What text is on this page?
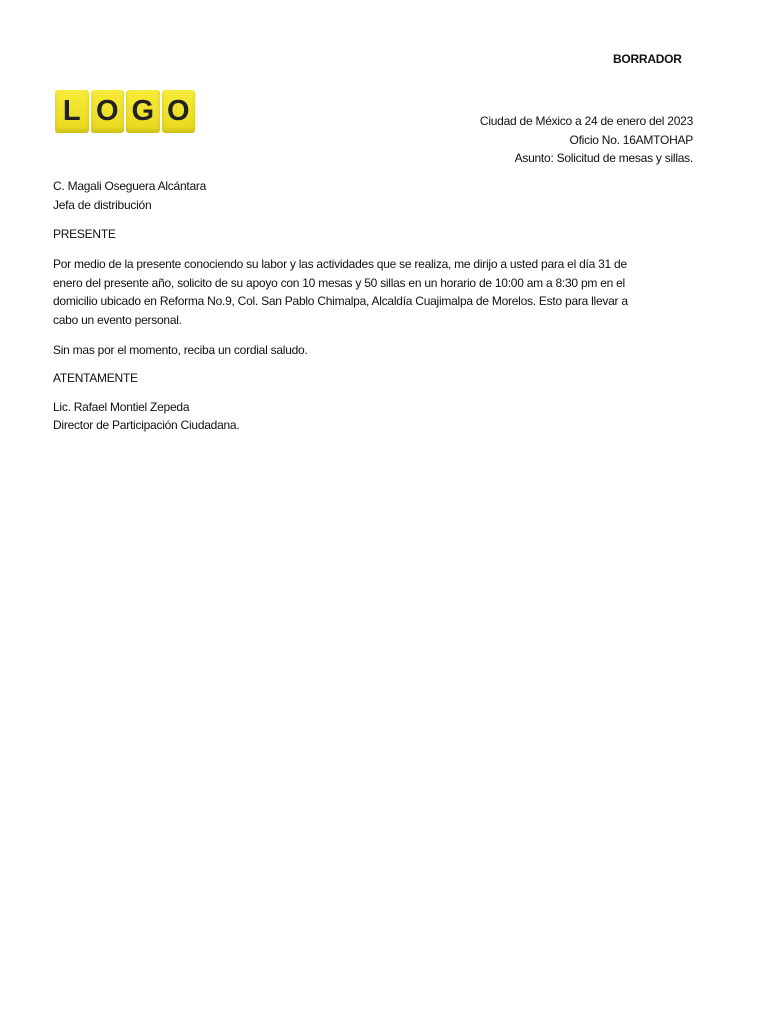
BORRADOR
L O G O	Ciudad de México a 24 de enero del 2023
Oficio No. 16AMTOHAP
Asunto: Solicitud de mesas y sillas.
C. Magali Oseguera Alcántara
Jefa de distribución
PRESENTE
Por medio de la presente conociendo su labor y las actividades que se realiza, me dirijo a usted para el día 31 de
enero del presente año, solicito de su apoyo con 10 mesas y 50 sillas en un horario de 10:00 am a 8:30 pm en el
domicilio ubicado en Reforma No.9, Col. San Pablo Chimalpa, Alcaldía Cuajimalpa de Morelos. Esto para llevar a
cabo un evento personal.
Sin mas por el momento, reciba un cordial saludo.
ATENTAMENTE
Lic. Rafael Montiel Zepeda
Director de Participación Ciudadana.
